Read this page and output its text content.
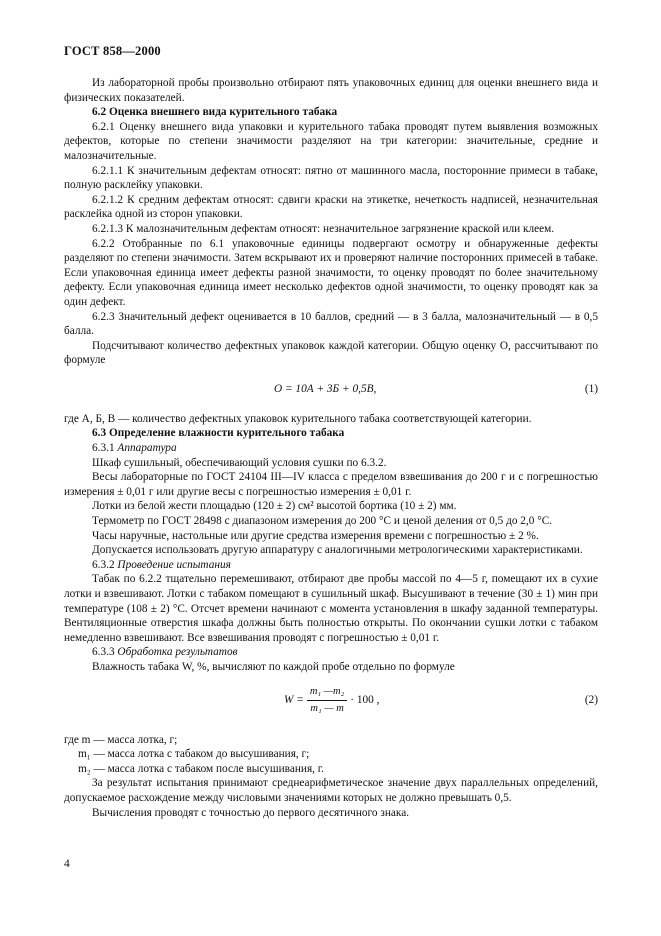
ГОСТ 858—2000

Из лабораторной пробы произвольно отбирают пять упаковочных единиц для оценки внешнего вида и физических показателей.

6.2 Оценка внешнего вида курительного табака

6.2.1 Оценку внешнего вида упаковки и курительного табака проводят путем выявления возможных дефектов, которые по степени значимости разделяют на три категории: значительные, средние и малозначительные.

6.2.1.1 К значительным дефектам относят: пятно от машинного масла, посторонние примеси в табаке, полную расклейку упаковки.

6.2.1.2 К средним дефектам относят: сдвиги краски на этикетке, нечеткость надписей, незначительная расклейка одной из сторон упаковки.

6.2.1.3 К малозначительным дефектам относят: незначительное загрязнение краской или клеем.

6.2.2 Отобранные по 6.1 упаковочные единицы подвергают осмотру и обнаруженные дефекты разделяют по степени значимости. Затем вскрывают их и проверяют наличие посторонних примесей в табаке. Если упаковочная единица имеет дефекты разной значимости, то оценку проводят по более значительному дефекту. Если упаковочная единица имеет несколько дефектов одной значимости, то оценку проводят как за один дефект.

6.2.3 Значительный дефект оценивается в 10 баллов, средний — в 3 балла, малозначительный — в 0,5 балла.

Подсчитывают количество дефектных упаковок каждой категории. Общую оценку О, рассчитывают по формуле

О = 10А + 3Б + 0,5В,	(1)

где А, Б, В — количество дефектных упаковок курительного табака соответствующей категории.

6.3 Определение влажности курительного табака

6.3.1 Аппаратура

Шкаф сушильный, обеспечивающий условия сушки по 6.3.2.

Весы лабораторные по ГОСТ 24104 III—IV класса с пределом взвешивания до 200 г и с погрешностью измерения ± 0,01 г или другие весы с погрешностью измерения ± 0,01 г.

Лотки из белой жести площадью (120 ± 2) см² высотой бортика (10 ± 2) мм.

Термометр по ГОСТ 28498 с диапазоном измерения до 200 °С и ценой деления от 0,5 до 2,0 °С.

Часы наручные, настольные или другие средства измерения времени с погрешностью ± 2 %.

Допускается использовать другую аппаратуру с аналогичными метрологическими характеристиками.

6.3.2 Проведение испытания

Табак по 6.2.2 тщательно перемешивают, отбирают две пробы массой по 4—5 г, помещают их в сухие лотки и взвешивают. Лотки с табаком помещают в сушильный шкаф. Высушивают в течение (30 ± 1) мин при температуре (108 ± 2) °С. Отсчет времени начинают с момента установления в шкафу заданной температуры. Вентиляционные отверстия шкафа должны быть полностью открыты. По окончании сушки лотки с табаком немедленно взвешивают. Все взвешивания проводят с погрешностью ± 0,01 г.

6.3.3 Обработка результатов

Влажность табака W, %, вычисляют по каждой пробе отдельно по формуле

$W = \frac{\text{m₁ —m₂}}{\text{m₁ — m}} \cdot 100$ ,	(2)

где m — масса лотка, г;

m₁ — масса лотка с табаком до высушивания, г;

m₂ — масса лотка с табаком после высушивания, г.

За результат испытания принимают среднеарифметическое значение двух параллельных определений, допускаемое расхождение между числовыми значениями которых не должно превышать 0,5.

Вычисления проводят с точностью до первого десятичного знака.

4
